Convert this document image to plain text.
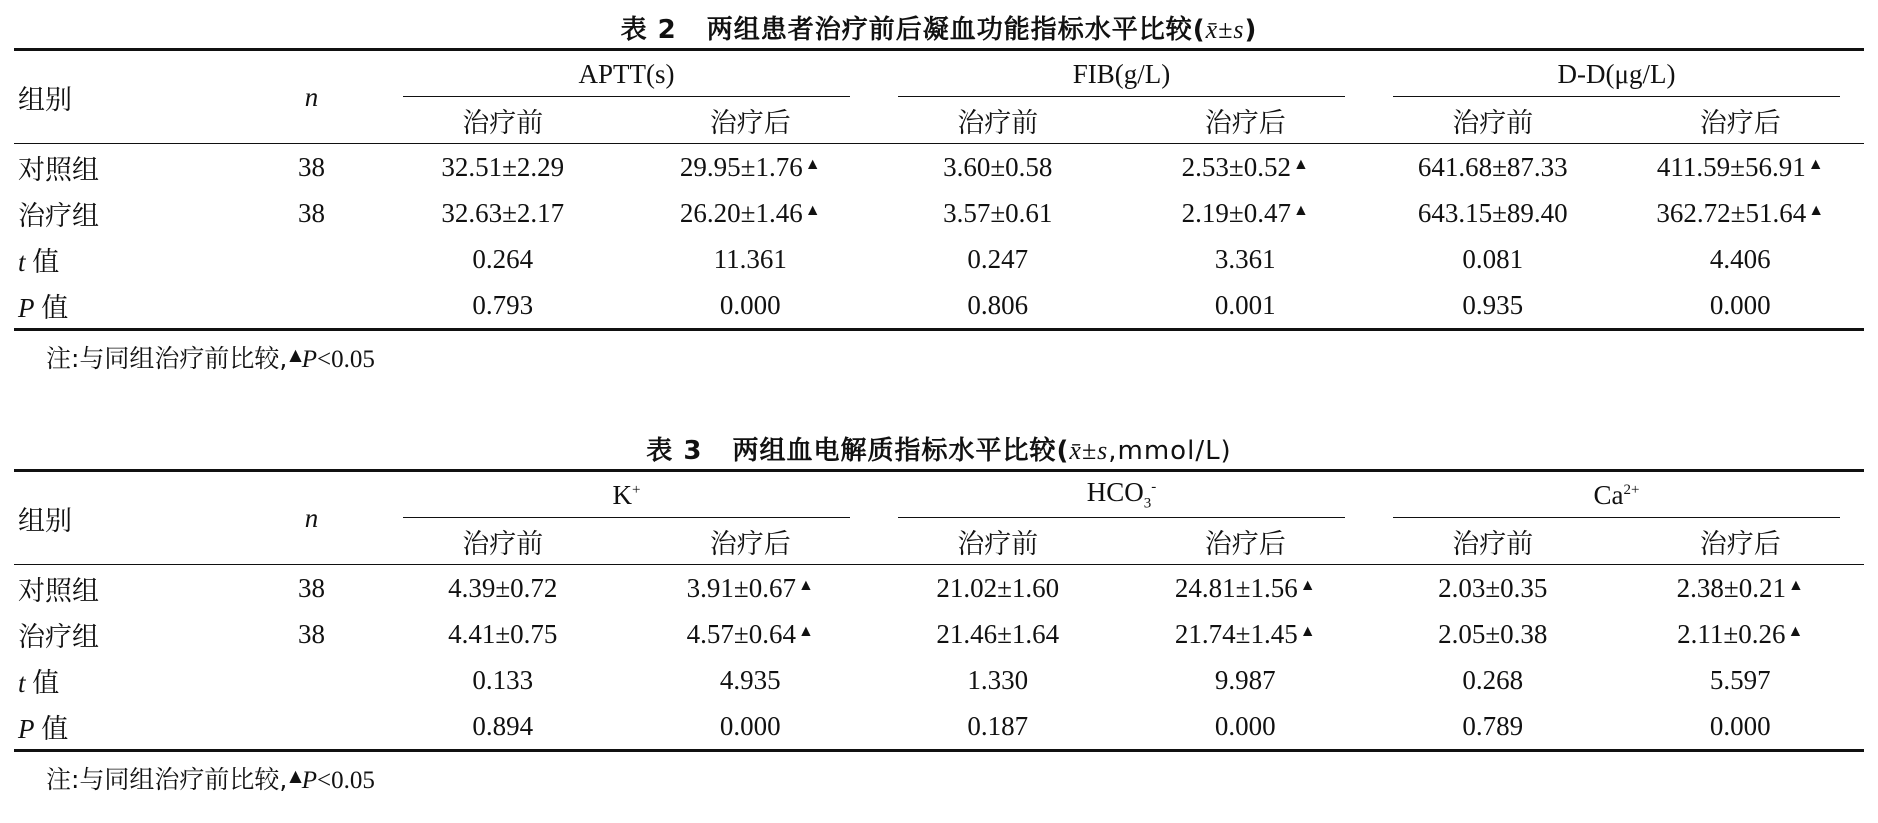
表 2 两组患者治疗前后凝血功能指标水平比较(x̄±s)
组别	n	APTT(s)		FIB(g/L)		D-D(μg/L)	
		治疗前	治疗后	治疗前	治疗后	治疗前	治疗后
对照组	38	32.51±2.29	29.95±1.76 ▲	3.60±0.58	2.53±0.52 ▲	641.68±87.33	411.59±56.91 ▲
治疗组	38	32.63±2.17	26.20±1.46 ▲	3.57±0.61	2.19±0.47 ▲	643.15±89.40	362.72±51.64 ▲
t 值		0.264	11.361	0.247	3.361	0.081	4.406
P 值		0.793	0.000	0.806	0.001	0.935	0.000
注:与同组治疗前比较, ▲P<0.05
表 3 两组血电解质指标水平比较(x̄±s,mmol/L)
组别	n	K+		$HCO_3^-$		$Ca^{2+}$
		治疗前	治疗后	治疗前	治疗后	治疗前	治疗后
对照组	38	4.39±0.72	3.91±0.67 ▲	21.02±1.60	24.81±1.56 ▲	2.03±0.35	2.38±0.21 ▲
治疗组	38	4.41±0.75	4.57±0.64 ▲	21.46±1.64	21.74±1.45 ▲	2.05±0.38	2.11±0.26 ▲
t 值		0.133	4.935	1.330	9.987	0.268	5.597
P 值		0.894	0.000	0.187	0.000	0.789	0.000
注:与同组治疗前比较, ▲P<0.05
